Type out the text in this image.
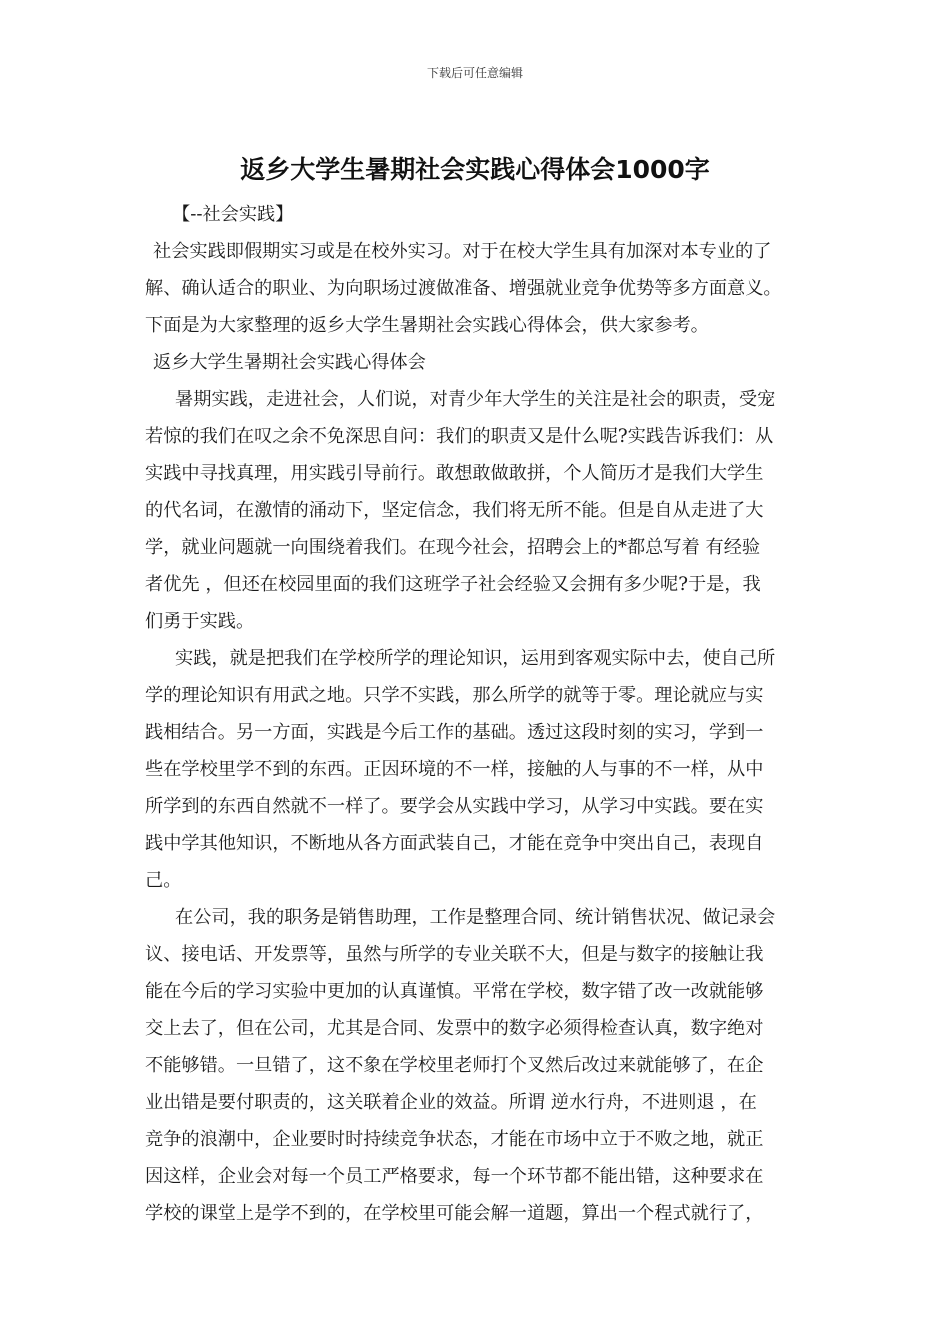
下载后可任意编辑
返乡大学生暑期社会实践心得体会1000字
【--社会实践】
社会实践即假期实习或是在校外实习。对于在校大学生具有加深对本专业的了
解、确认适合的职业、为向职场过渡做准备、增强就业竞争优势等多方面意义。
下面是为大家整理的返乡大学生暑期社会实践心得体会，供大家参考。
返乡大学生暑期社会实践心得体会
暑期实践，走进社会，人们说，对青少年大学生的关注是社会的职责，受宠
若惊的我们在叹之余不免深思自问：我们的职责又是什么呢?实践告诉我们：从
实践中寻找真理，用实践引导前行。敢想敢做敢拼，个人简历才是我们大学生
的代名词，在激情的涌动下，坚定信念，我们将无所不能。但是自从走进了大
学，就业问题就一向围绕着我们。在现今社会，招聘会上的*都总写着 有经验
者优先 ，但还在校园里面的我们这班学子社会经验又会拥有多少呢?于是，我
们勇于实践。
实践，就是把我们在学校所学的理论知识，运用到客观实际中去，使自己所
学的理论知识有用武之地。只学不实践，那么所学的就等于零。理论就应与实
践相结合。另一方面，实践是今后工作的基础。透过这段时刻的实习，学到一
些在学校里学不到的东西。正因环境的不一样，接触的人与事的不一样，从中
所学到的东西自然就不一样了。要学会从实践中学习，从学习中实践。要在实
践中学其他知识，不断地从各方面武装自己，才能在竞争中突出自己，表现自
己。
在公司，我的职务是销售助理，工作是整理合同、统计销售状况、做记录会
议、接电话、开发票等，虽然与所学的专业关联不大，但是与数字的接触让我
能在今后的学习实验中更加的认真谨慎。平常在学校，数字错了改一改就能够
交上去了，但在公司，尤其是合同、发票中的数字必须得检查认真，数字绝对
不能够错。一旦错了，这不象在学校里老师打个叉然后改过来就能够了，在企
业出错是要付职责的，这关联着企业的效益。所谓 逆水行舟，不进则退 ，在
竞争的浪潮中，企业要时时持续竞争状态，才能在市场中立于不败之地，就正
因这样，企业会对每一个员工严格要求，每一个环节都不能出错，这种要求在
学校的课堂上是学不到的，在学校里可能会解一道题，算出一个程式就行了，
